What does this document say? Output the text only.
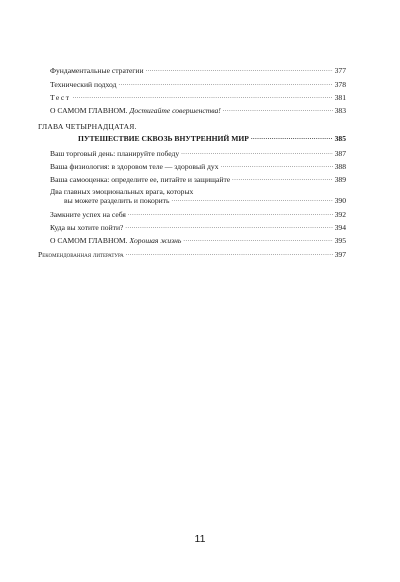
Фундаментальные стратегии .....	377
Технический подход .....	378
Тест .....	381
О САМОМ ГЛАВНОМ. Достигайте совершенства! .....	383
ГЛАВА ЧЕТЫРНАДЦАТАЯ.
ПУТЕШЕСТВИЕ СКВОЗЬ ВНУТРЕННИЙ МИР .....	385
Ваш торговый день: планируйте победу .....	387
Ваша физиология: в здоровом теле — здоровый дух .....	388
Ваша самооценка: определите ее, питайте и защищайте .....	389
Два главных эмоциональных врага, которых
вы можете разделить и покорить .....	390
Замкните успех на себя .....	392
Куда вы хотите пойти? .....	394
О САМОМ ГЛАВНОМ. Хорошая жизнь .....	395
Рекомендованная литература .....	397
11
